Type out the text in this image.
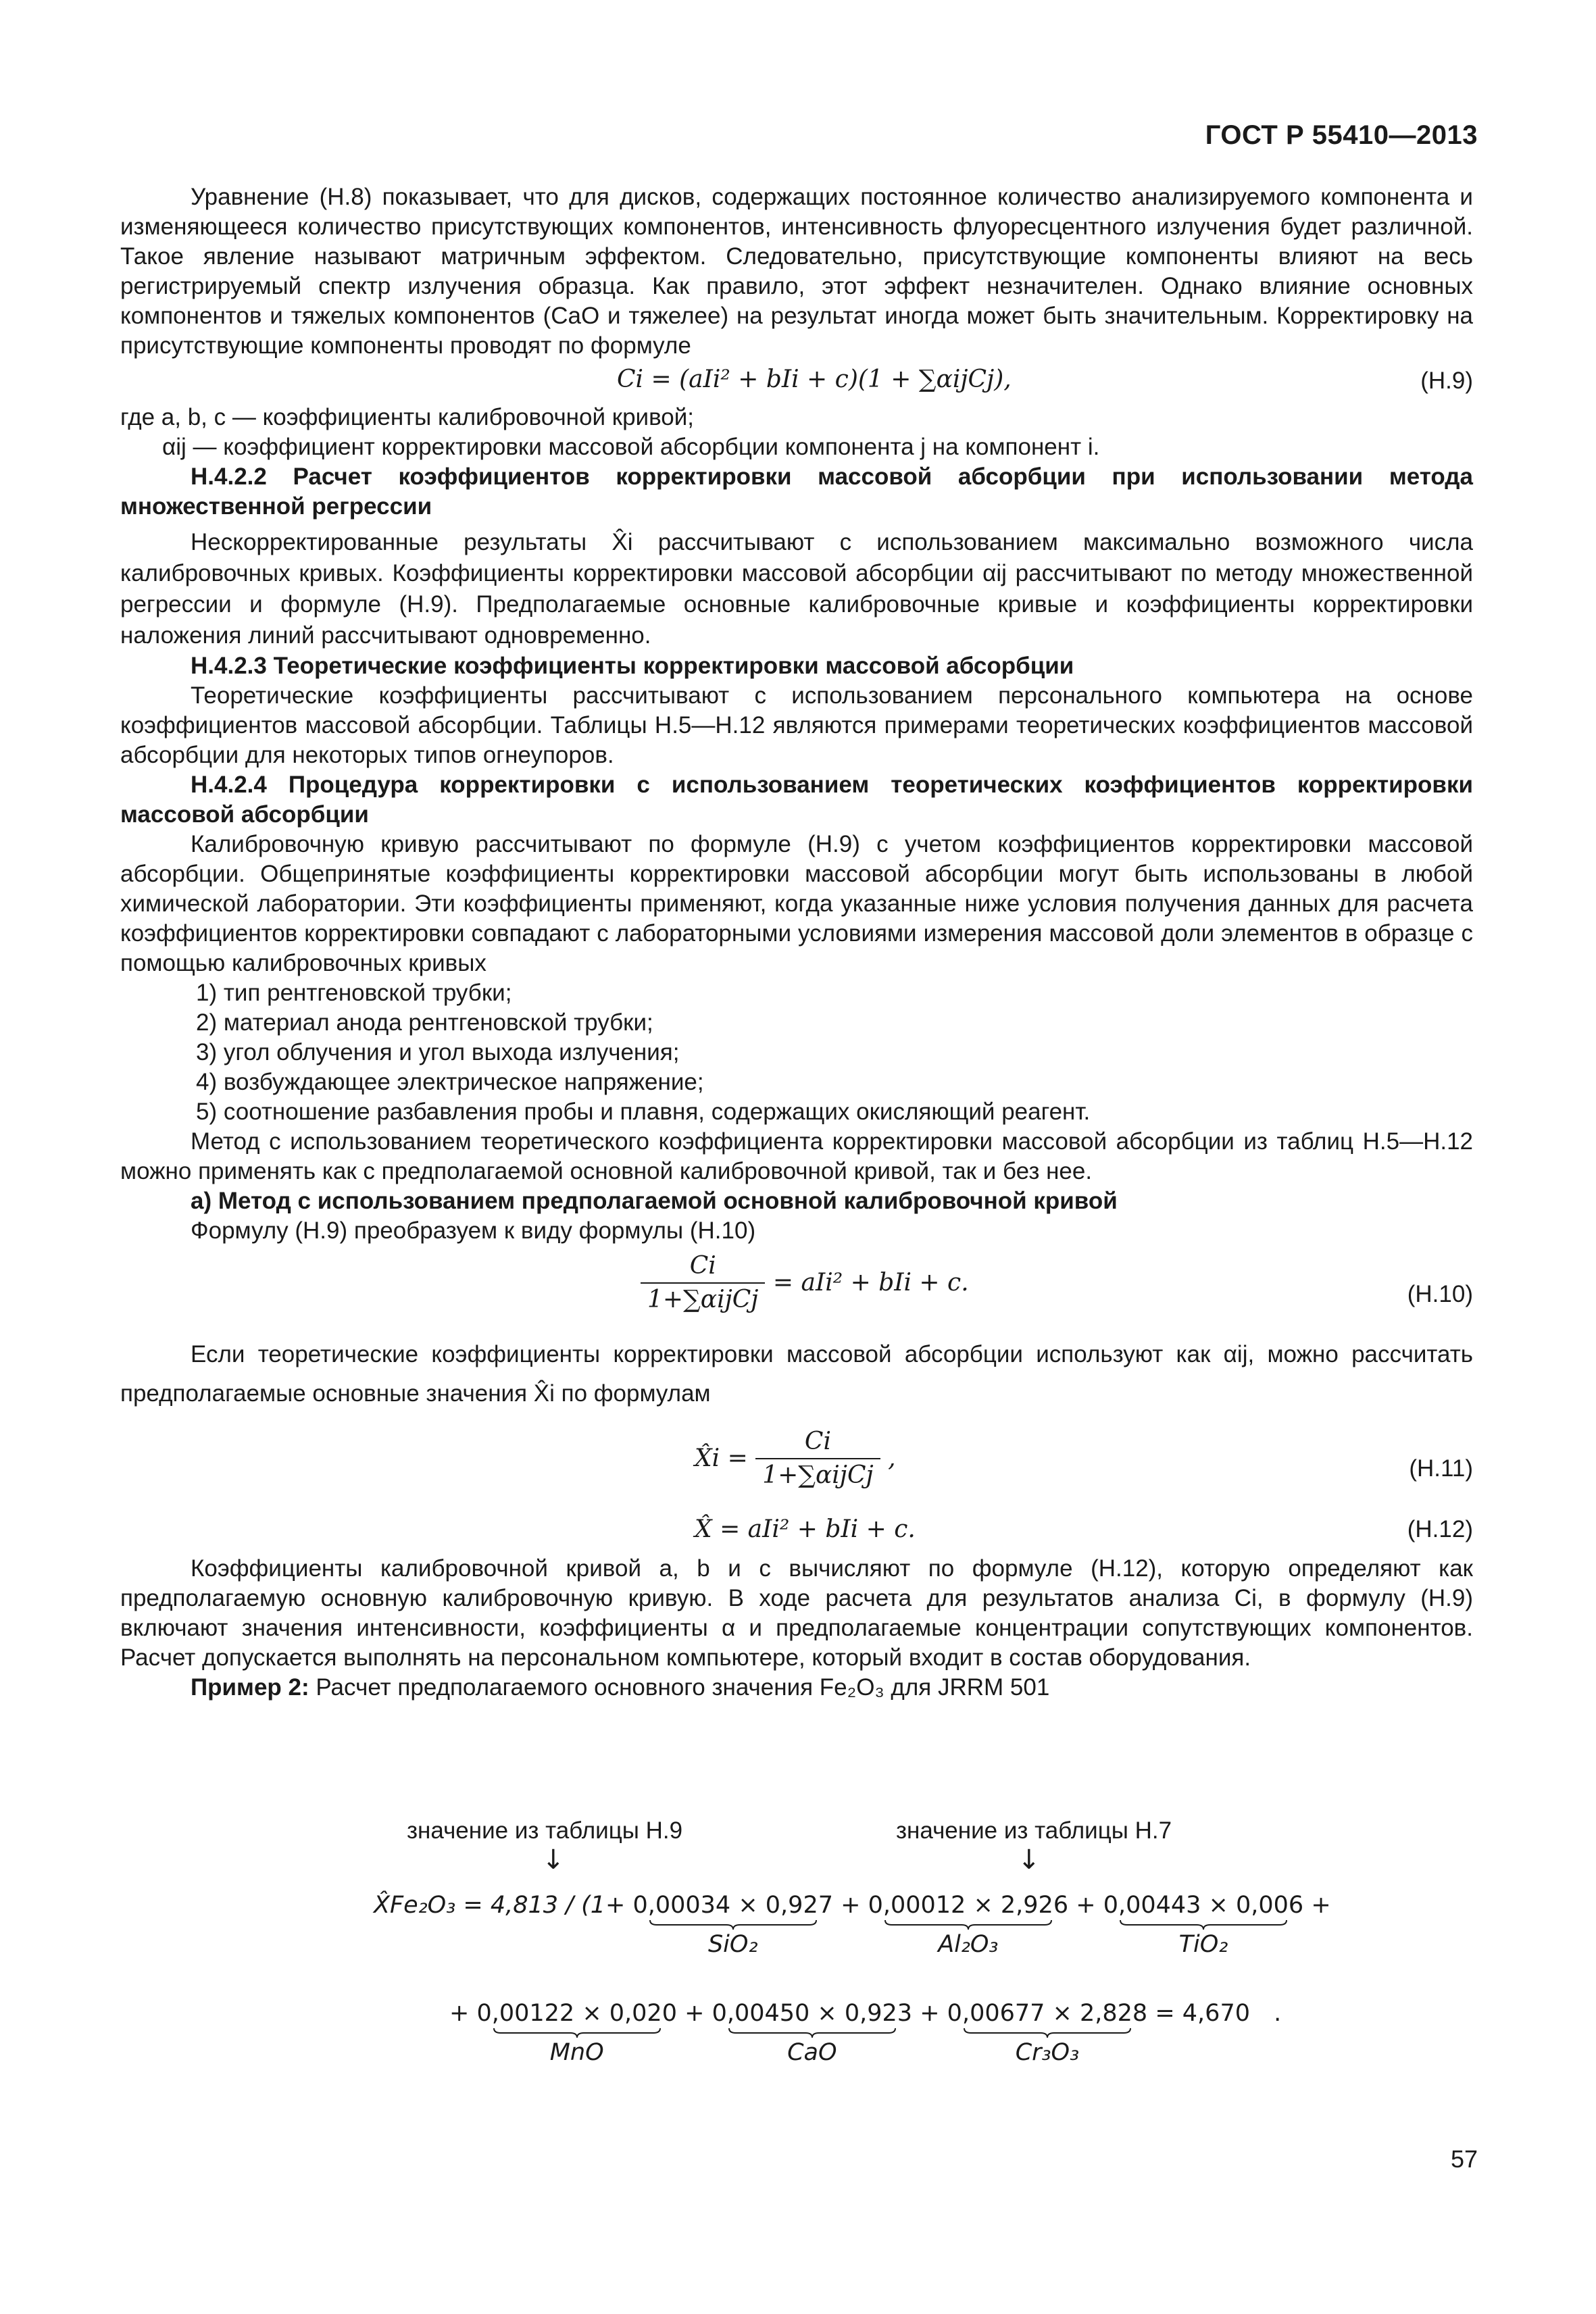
ГОСТ Р 55410—2013

Уравнение (Н.8) показывает, что для дисков, содержащих постоянное количество анализируемого компонента и изменяющееся количество присутствующих компонентов, интенсивность флуоресцентного излучения будет различной. Такое явление называют матричным эффектом. Следовательно, присутствующие компоненты влияют на весь регистрируемый спектр излучения образца. Как правило, этот эффект незначителен. Однако влияние основных компонентов и тяжелых компонентов (CaO и тяжелее) на результат иногда может быть значительным. Корректировку на присутствующие компоненты проводят по формуле

Ci = (aIi² + bIi + c)(1 + ∑αijCj),	(Н.9)

где a, b, c — коэффициенты калибровочной кривой;

αij — коэффициент корректировки массовой абсорбции компонента j на компонент i.

Н.4.2.2 Расчет коэффициентов корректировки массовой абсорбции при использовании метода множественной регрессии

Нескорректированные результаты X̂i рассчитывают с использованием максимально возможного числа калибровочных кривых. Коэффициенты корректировки массовой абсорбции αij рассчитывают по методу множественной регрессии и формуле (Н.9). Предполагаемые основные калибровочные кривые и коэффициенты корректировки наложения линий рассчитывают одновременно.

Н.4.2.3 Теоретические коэффициенты корректировки массовой абсорбции

Теоретические коэффициенты рассчитывают с использованием персонального компьютера на основе коэффициентов массовой абсорбции. Таблицы Н.5—Н.12 являются примерами теоретических коэффициентов массовой абсорбции для некоторых типов огнеупоров.

Н.4.2.4 Процедура корректировки с использованием теоретических коэффициентов корректировки массовой абсорбции

Калибровочную кривую рассчитывают по формуле (Н.9) с учетом коэффициентов корректировки массовой абсорбции. Общепринятые коэффициенты корректировки массовой абсорбции могут быть использованы в любой химической лаборатории. Эти коэффициенты применяют, когда указанные ниже условия получения данных для расчета коэффициентов корректировки совпадают с лабораторными условиями измерения массовой доли элементов в образце с помощью калибровочных кривых

1) тип рентгеновской трубки;

2) материал анода рентгеновской трубки;

3) угол облучения и угол выхода излучения;

4) возбуждающее электрическое напряжение;

5) соотношение разбавления пробы и плавня, содержащих окисляющий реагент.

Метод с использованием теоретического коэффициента корректировки массовой абсорбции из таблиц Н.5—Н.12 можно применять как с предполагаемой основной калибровочной кривой, так и без нее.

а) Метод с использованием предполагаемой основной калибровочной кривой

Формулу (Н.9) преобразуем к виду формулы (Н.10)

$\frac{Ci}{\text{1+∑αijCj}} = aIi^2$ + bIi + c.	(Н.10)

Если теоретические коэффициенты корректировки массовой абсорбции используют как αij, можно рассчитать предполагаемые основные значения X̂i по формулам

X̂i = $\frac{Ci}{\text{1+∑αijCj}}$ ,	(Н.11)
X̂ = aIi² + bIi + c.	(Н.12)

Коэффициенты калибровочной кривой a, b и c вычисляют по формуле (Н.12), которую определяют как предполагаемую основную калибровочную кривую. В ходе расчета для результатов анализа Ci, в формулу (Н.9) включают значения интенсивности, коэффициенты α и предполагаемые концентрации сопутствующих компонентов. Расчет допускается выполнять на персональном компьютере, который входит в состав оборудования.

Пример 2: Расчет предполагаемого основного значения Fe₂O₃ для JRRM 501

значение из таблицы Н.9	значение из таблицы Н.7
↓	↓
X̂Fe₂O₃ = 4,813 / (1+ 0,00034 × 0,927
SiO₂
+ 0,00012 × 2,926
Al₂O₃
+ 0,00443 × 0,006
TiO₂
+
+ 0,00122 × 0,020
MnO
+ 0,00450 × 0,923
CaO
+ 0,00677 × 2,828
Cr₃O₃
= 4,670 .
57
